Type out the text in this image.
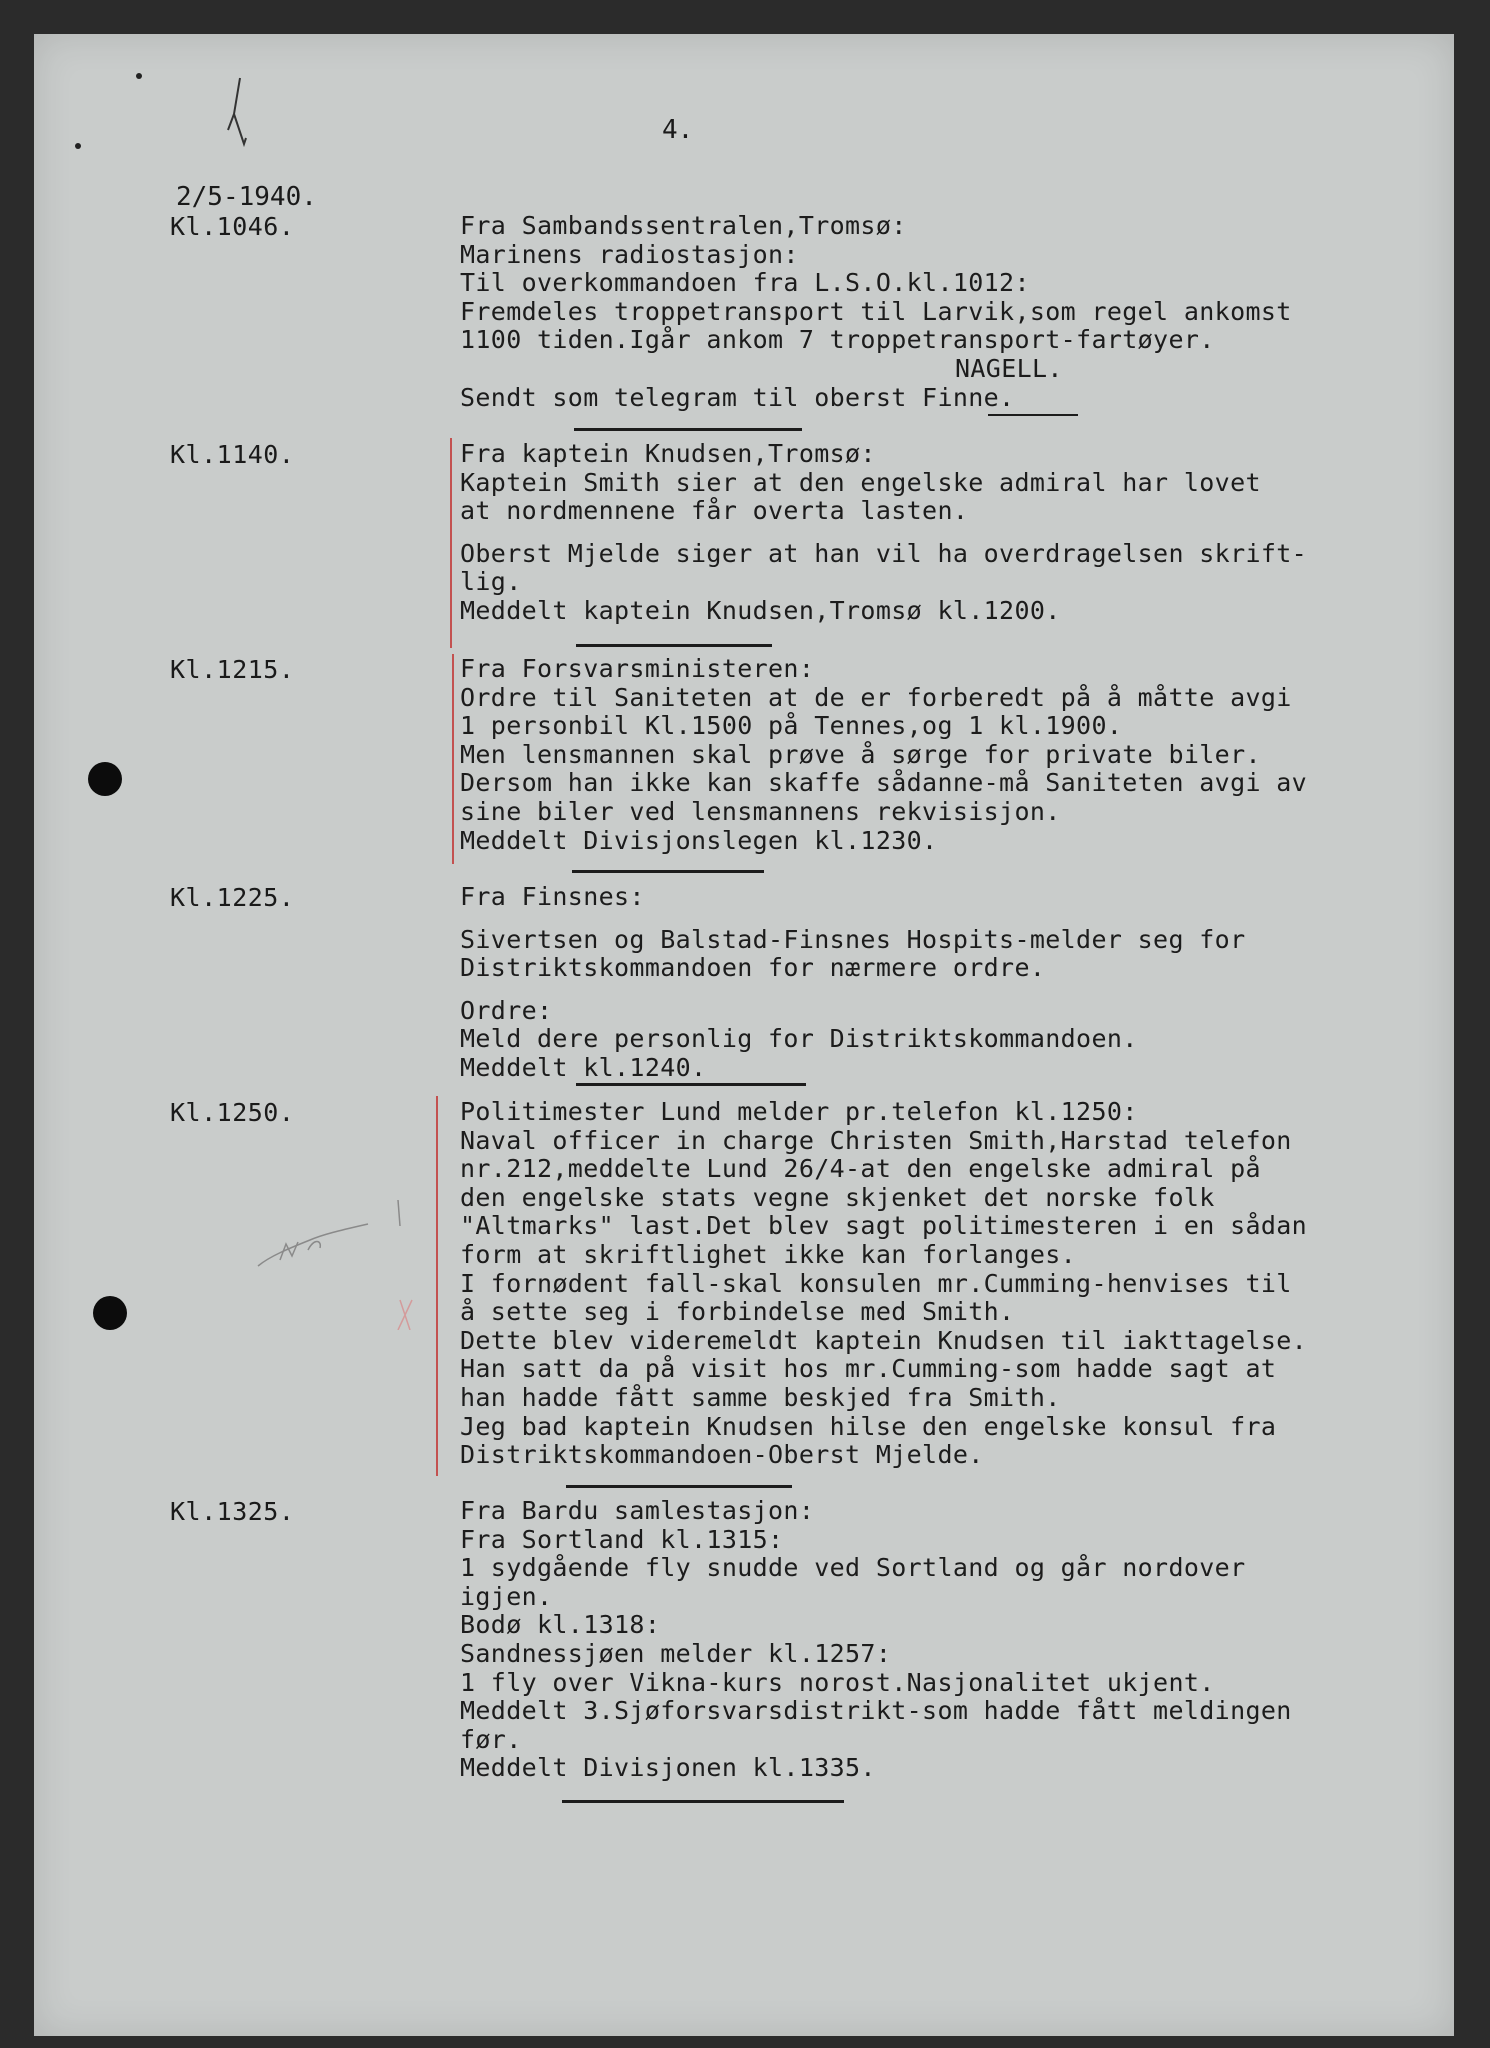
4.
2/5-1940.
Kl.1046.	Fra Sambandssentralen,Tromsø:
Marinens radiostasjon:
Til overkommandoen fra L.S.O.kl.1012:
Fremdeles troppetransport til Larvik,som regel ankomst
1100 tiden.Igår ankom 7 troppetransport-fartøyer.
NAGELL.
Sendt som telegram til oberst Finne.
Kl.1140.	Fra kaptein Knudsen,Tromsø:
Kaptein Smith sier at den engelske admiral har lovet
at nordmennene får overta lasten.
Oberst Mjelde siger at han vil ha overdragelsen skrift-
lig.
Meddelt kaptein Knudsen,Tromsø kl.1200.
Kl.1215.	Fra Forsvarsministeren:
Ordre til Saniteten at de er forberedt på å måtte avgi
1 personbil Kl.1500 på Tennes,og 1 kl.1900.
Men lensmannen skal prøve å sørge for private biler.
Dersom han ikke kan skaffe sådanne-må Saniteten avgi av
sine biler ved lensmannens rekvisisjon.
Meddelt Divisjonslegen kl.1230.
Kl.1225.	Fra Finsnes:
Sivertsen og Balstad-Finsnes Hospits-melder seg for
Distriktskommandoen for nærmere ordre.
Ordre:
Meld dere personlig for Distriktskommandoen.
Meddelt kl.1240.
Kl.1250.	Politimester Lund melder pr.telefon kl.1250:
Naval officer in charge Christen Smith,Harstad telefon
nr.212,meddelte Lund 26/4-at den engelske admiral på
den engelske stats vegne skjenket det norske folk
"Altmarks" last.Det blev sagt politimesteren i en sådan
form at skriftlighet ikke kan forlanges.
I fornødent fall-skal konsulen mr.Cumming-henvises til
å sette seg i forbindelse med Smith.
Dette blev videremeldt kaptein Knudsen til iakttagelse.
Han satt da på visit hos mr.Cumming-som hadde sagt at
han hadde fått samme beskjed fra Smith.
Jeg bad kaptein Knudsen hilse den engelske konsul fra
Distriktskommandoen-Oberst Mjelde.
Kl.1325.	Fra Bardu samlestasjon:
Fra Sortland kl.1315:
1 sydgående fly snudde ved Sortland og går nordover
igjen.
Bodø kl.1318:
Sandnessjøen melder kl.1257:
1 fly over Vikna-kurs norost.Nasjonalitet ukjent.
Meddelt 3.Sjøforsvarsdistrikt-som hadde fått meldingen
før.
Meddelt Divisjonen kl.1335.
